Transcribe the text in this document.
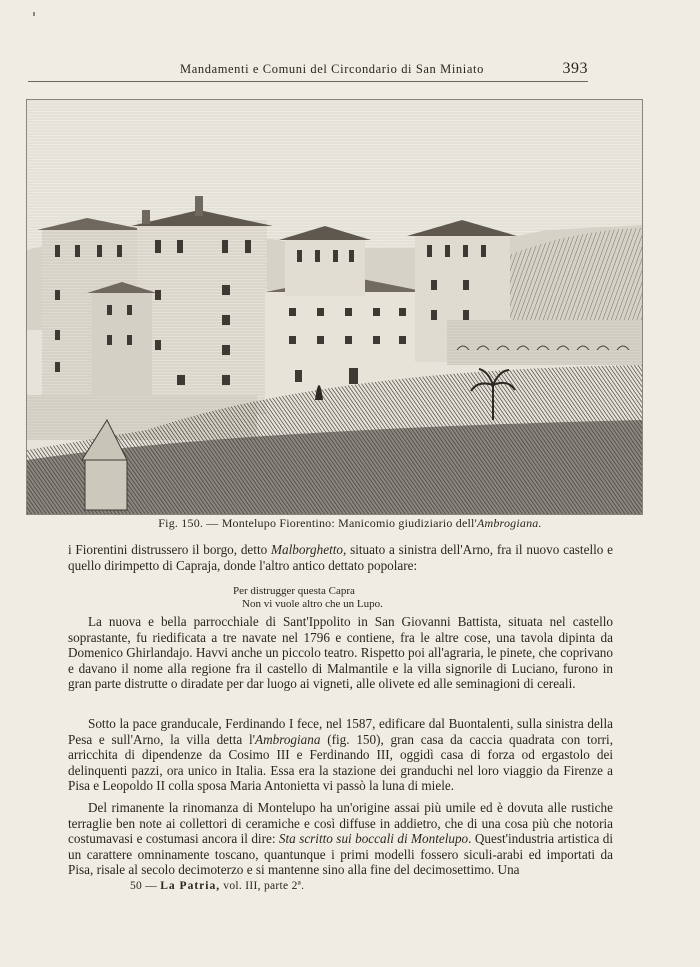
Mandamenti e Comuni del Circondario di San Miniato	393
Fig. 150. — Montelupo Fiorentino: Manicomio giudiziario dell'Ambrogiana.
i Fiorentini distrussero il borgo, detto Malborghetto, situato a sinistra dell'Arno, fra il nuovo castello e quello dirimpetto di Capraja, donde l'altro antico dettato popolare:
Per distrugger questa Capra
Non vi vuole altro che un Lupo.
La nuova e bella parrocchiale di Sant'Ippolito in San Giovanni Battista, situata nel castello soprastante, fu riedificata a tre navate nel 1796 e contiene, fra le altre cose, una tavola dipinta da Domenico Ghirlandajo. Havvi anche un piccolo teatro. Rispetto poi all'agraria, le pinete, che coprivano e davano il nome alla regione fra il castello di Malmantile e la villa signorile di Luciano, furono in gran parte distrutte o diradate per dar luogo ai vigneti, alle olivete ed alle seminagioni di cereali.
Sotto la pace granducale, Ferdinando I fece, nel 1587, edificare dal Buontalenti, sulla sinistra della Pesa e sull'Arno, la villa detta l'Ambrogiana (fig. 150), gran casa da caccia quadrata con torri, arricchita di dipendenze da Cosimo III e Ferdinando III, oggidì casa di forza od ergastolo dei delinquenti pazzi, ora unico in Italia. Essa era la stazione dei granduchi nel loro viaggio da Firenze a Pisa e Leopoldo II colla sposa Maria Antonietta vi passò la luna di miele.
Del rimanente la rinomanza di Montelupo ha un'origine assai più umile ed è dovuta alle rustiche terraglie ben note ai collettori di ceramiche e così diffuse in addietro, che di una cosa più che notoria costumavasi e costumasi ancora il dire: Sta scritto sui boccali di Montelupo. Quest'industria artistica di un carattere omninamente toscano, quantunque i primi modelli fossero siculi-arabi ed importati da Pisa, risale al secolo decimoterzo e si mantenne sino alla fine del decimosettimo. Una
50 — La Patria, vol. III, parte 2ª.
